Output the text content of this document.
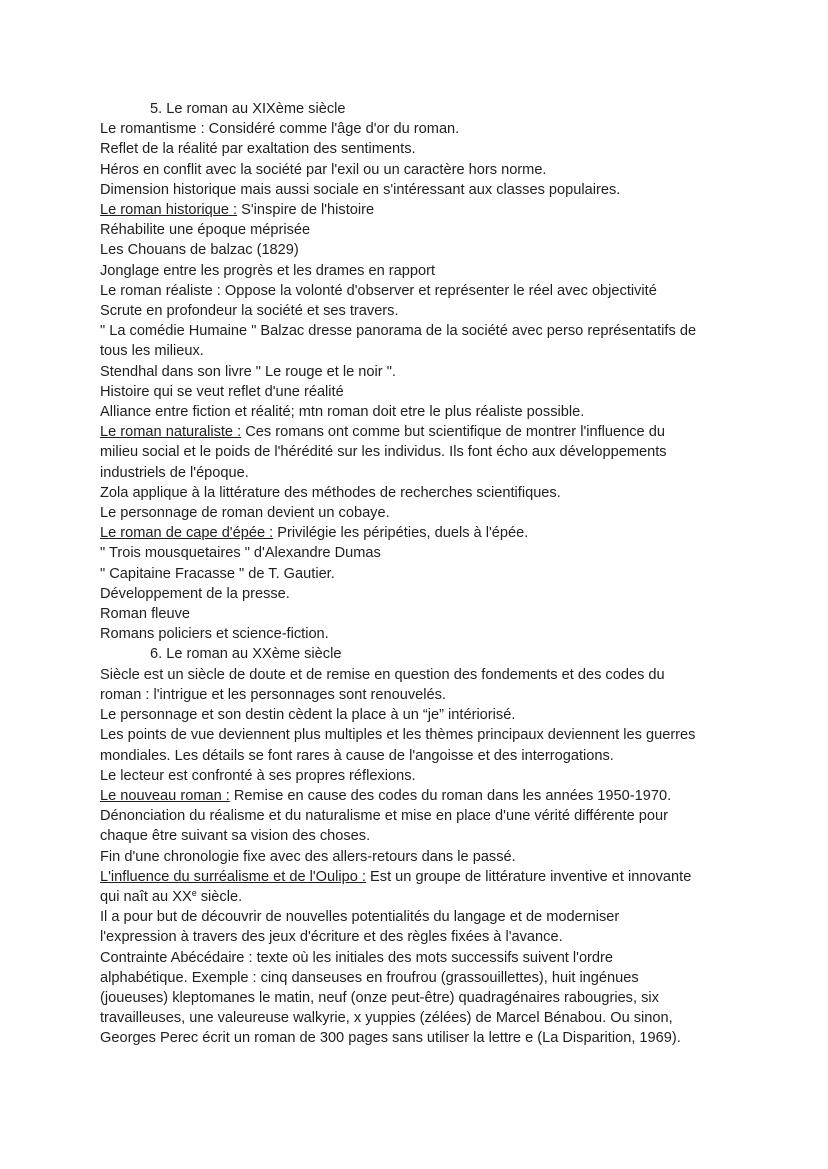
5. Le roman au XIXème siècle
Le romantisme : Considéré comme l'âge d'or du roman.
Reflet de la réalité par exaltation des sentiments.
Héros en conflit avec la société par l'exil ou un caractère hors norme.
Dimension historique mais aussi sociale en s'intéressant aux classes populaires.
Le roman historique : S'inspire de l'histoire
Réhabilite une époque méprisée
Les Chouans de balzac (1829)
Jonglage entre les progrès et les drames en rapport
Le roman réaliste : Oppose la volonté d'observer et représenter le réel avec objectivité
Scrute en profondeur la société et ses travers.
" La comédie Humaine " Balzac dresse panorama de la société avec perso représentatifs de
tous les milieux.
Stendhal dans son livre " Le rouge et le noir ".
Histoire qui se veut reflet d'une réalité
Alliance entre fiction et réalité; mtn roman doit etre le plus réaliste possible.
Le roman naturaliste : Ces romans ont comme but scientifique de montrer l'influence du
milieu social et le poids de l'hérédité sur les individus. Ils font écho aux développements
industriels de l'époque.
Zola applique à la littérature des méthodes de recherches scientifiques.
Le personnage de roman devient un cobaye.
Le roman de cape d'épée : Privilégie les péripéties, duels à l'épée.
" Trois mousquetaires " d'Alexandre Dumas
" Capitaine Fracasse " de T. Gautier.
Développement de la presse.
Roman fleuve
Romans policiers et science-fiction.
6. Le roman au XXème siècle
Siècle est un siècle de doute et de remise en question des fondements et des codes du
roman : l'intrigue et les personnages sont renouvelés.
Le personnage et son destin cèdent la place à un “je” intériorisé.
Les points de vue deviennent plus multiples et les thèmes principaux deviennent les guerres
mondiales. Les détails se font rares à cause de l'angoisse et des interrogations.
Le lecteur est confronté à ses propres réflexions.
Le nouveau roman : Remise en cause des codes du roman dans les années 1950-1970.
Dénonciation du réalisme et du naturalisme et mise en place d'une vérité différente pour
chaque être suivant sa vision des choses.
Fin d'une chronologie fixe avec des allers-retours dans le passé.
L'influence du surréalisme et de l'Oulipo : Est un groupe de littérature inventive et innovante
qui naît au XXe siècle.
Il a pour but de découvrir de nouvelles potentialités du langage et de moderniser
l'expression à travers des jeux d'écriture et des règles fixées à l'avance.
Contrainte Abécédaire : texte où les initiales des mots successifs suivent l'ordre
alphabétique. Exemple : cinq danseuses en froufrou (grassouillettes), huit ingénues
(joueuses) kleptomanes le matin, neuf (onze peut-être) quadragénaires rabougries, six
travailleuses, une valeureuse walkyrie, x yuppies (zélées) de Marcel Bénabou. Ou sinon,
Georges Perec écrit un roman de 300 pages sans utiliser la lettre e (La Disparition, 1969).
